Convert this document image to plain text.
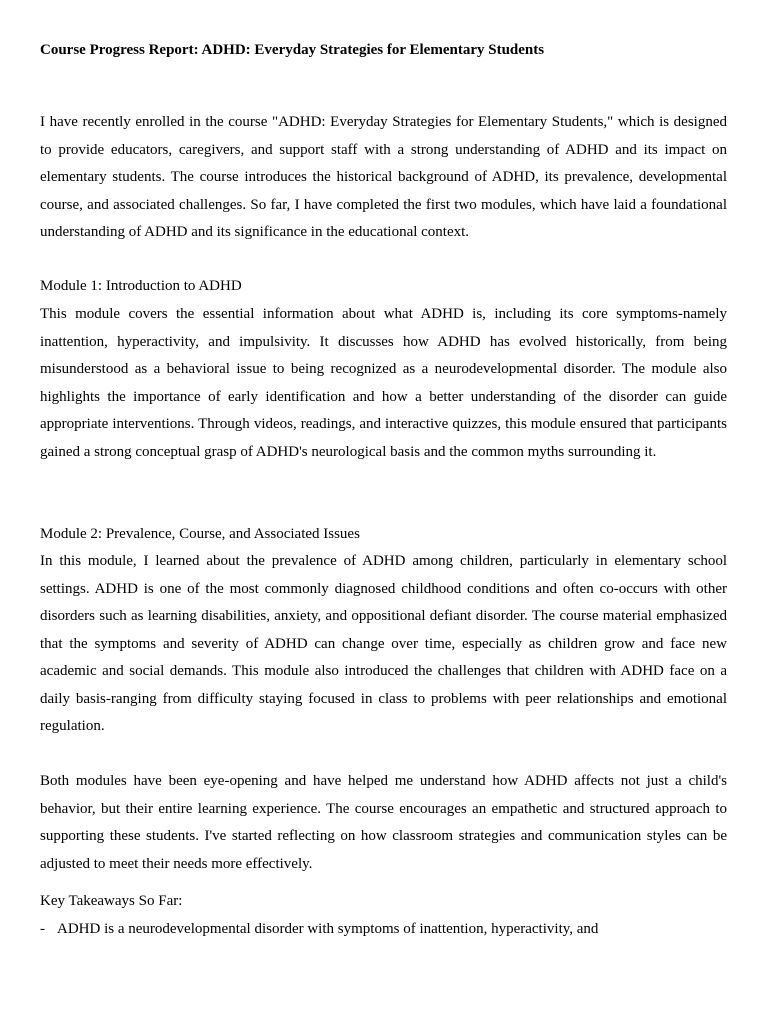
Course Progress Report: ADHD: Everyday Strategies for Elementary Students

I have recently enrolled in the course "ADHD: Everyday Strategies for Elementary Students," which is designed to provide educators, caregivers, and support staff with a strong understanding of ADHD and its impact on elementary students. The course introduces the historical background of ADHD, its prevalence, developmental course, and associated challenges. So far, I have completed the first two modules, which have laid a foundational understanding of ADHD and its significance in the educational context.

Module 1: Introduction to ADHD

This module covers the essential information about what ADHD is, including its core symptoms-namely inattention, hyperactivity, and impulsivity. It discusses how ADHD has evolved historically, from being misunderstood as a behavioral issue to being recognized as a neurodevelopmental disorder. The module also highlights the importance of early identification and how a better understanding of the disorder can guide appropriate interventions. Through videos, readings, and interactive quizzes, this module ensured that participants gained a strong conceptual grasp of ADHD's neurological basis and the common myths surrounding it.

Module 2: Prevalence, Course, and Associated Issues

In this module, I learned about the prevalence of ADHD among children, particularly in elementary school settings. ADHD is one of the most commonly diagnosed childhood conditions and often co-occurs with other disorders such as learning disabilities, anxiety, and oppositional defiant disorder. The course material emphasized that the symptoms and severity of ADHD can change over time, especially as children grow and face new academic and social demands. This module also introduced the challenges that children with ADHD face on a daily basis-ranging from difficulty staying focused in class to problems with peer relationships and emotional regulation.

Both modules have been eye-opening and have helped me understand how ADHD affects not just a child's behavior, but their entire learning experience. The course encourages an empathetic and structured approach to supporting these students. I've started reflecting on how classroom strategies and communication styles can be adjusted to meet their needs more effectively.

Key Takeaways So Far:

- ADHD is a neurodevelopmental disorder with symptoms of inattention, hyperactivity, and
